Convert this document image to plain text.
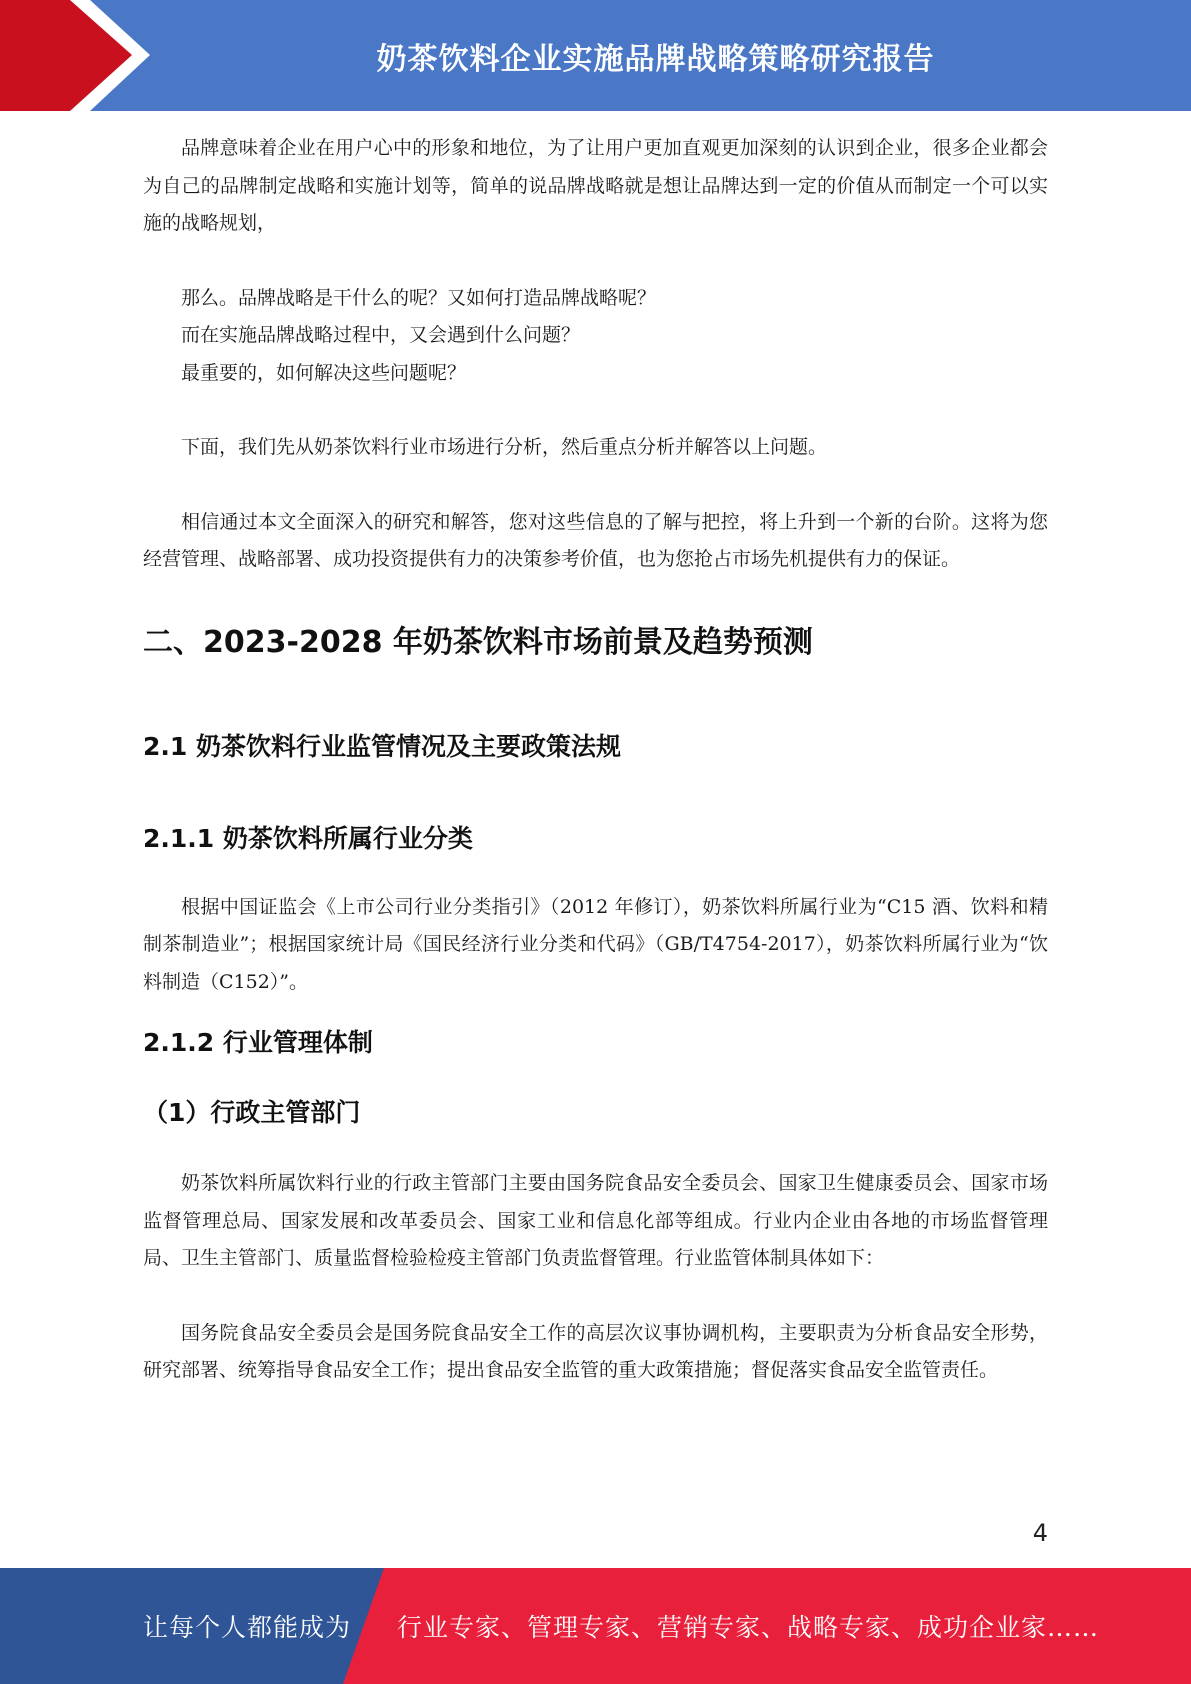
奶茶饮料企业实施品牌战略策略研究报告

品牌意味着企业在用户心中的形象和地位，为了让用户更加直观更加深刻的认识到企业，很多企业都会为自己的品牌制定战略和实施计划等，简单的说品牌战略就是想让品牌达到一定的价值从而制定一个可以实施的战略规划，

那么。品牌战略是干什么的呢？又如何打造品牌战略呢？

而在实施品牌战略过程中，又会遇到什么问题？

最重要的，如何解决这些问题呢？

下面，我们先从奶茶饮料行业市场进行分析，然后重点分析并解答以上问题。

相信通过本文全面深入的研究和解答，您对这些信息的了解与把控，将上升到一个新的台阶。这将为您经营管理、战略部署、成功投资提供有力的决策参考价值，也为您抢占市场先机提供有力的保证。

二、2023-2028 年奶茶饮料市场前景及趋势预测
2.1 奶茶饮料行业监管情况及主要政策法规
2.1.1 奶茶饮料所属行业分类

根据中国证监会《上市公司行业分类指引》（2012 年修订），奶茶饮料所属行业为“C15 酒、饮料和精制茶制造业”；根据国家统计局《国民经济行业分类和代码》（GB/T4754-2017），奶茶饮料所属行业为“饮料制造（C152）”。

2.1.2 行业管理体制
（1）行政主管部门

奶茶饮料所属饮料行业的行政主管部门主要由国务院食品安全委员会、国家卫生健康委员会、国家市场监督管理总局、国家发展和改革委员会、国家工业和信息化部等组成。行业内企业由各地的市场监督管理局、卫生主管部门、质量监督检验检疫主管部门负责监督管理。行业监管体制具体如下：

国务院食品安全委员会是国务院食品安全工作的高层次议事协调机构，主要职责为分析食品安全形势，研究部署、统筹指导食品安全工作；提出食品安全监管的重大政策措施；督促落实食品安全监管责任。

4
让每个人都能成为 行业专家、管理专家、营销专家、战略专家、成功企业家……
